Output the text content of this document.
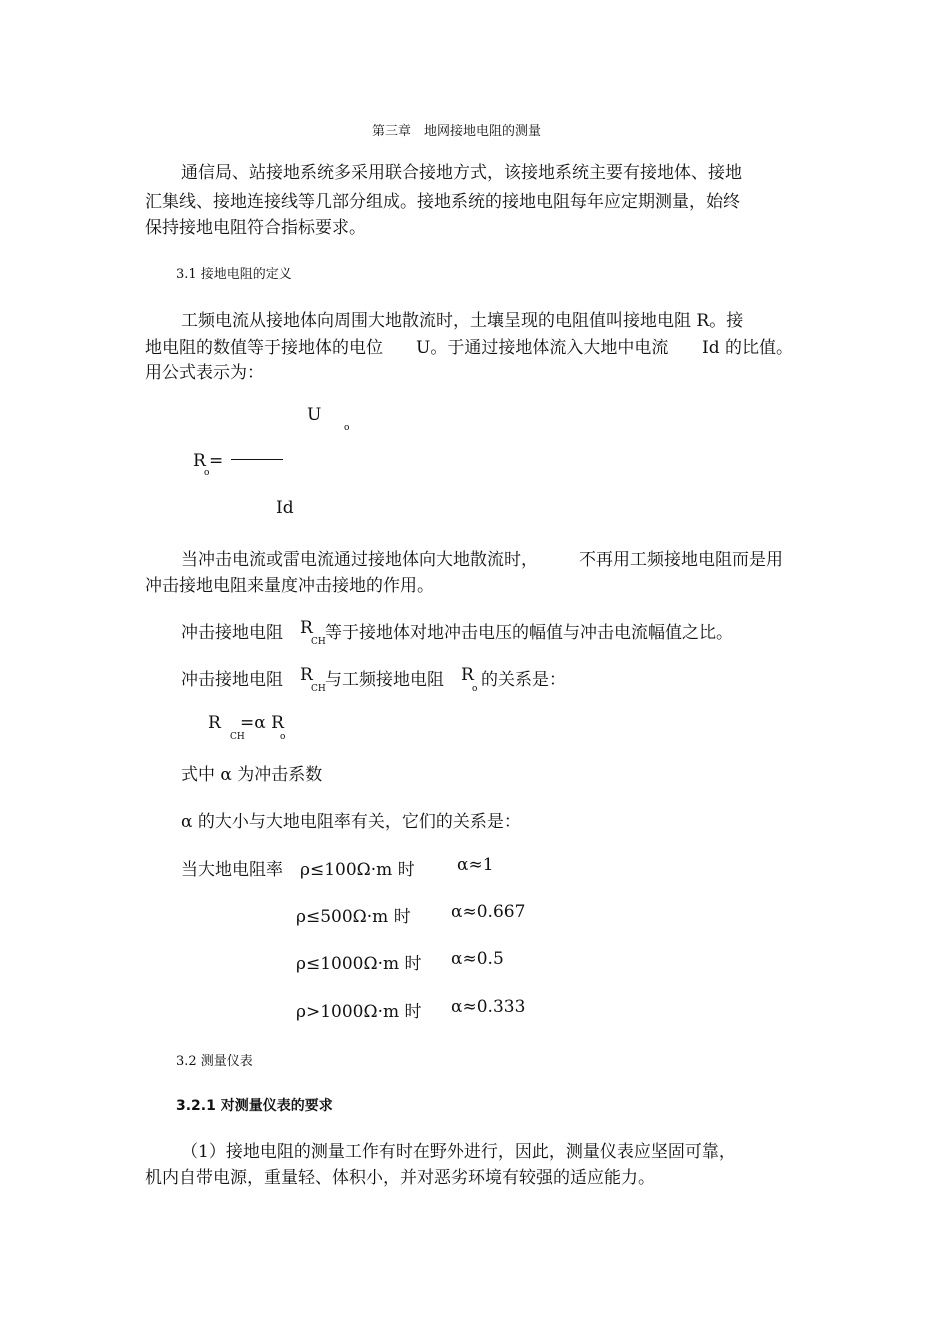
第三章　地网接地电阻的测量
通信局、站接地系统多采用联合接地方式，该接地系统主要有接地体、接地
汇集线、接地连接线等几部分组成。接地系统的接地电阻每年应定期测量，始终
保持接地电阻符合指标要求。
3.1 接地电阻的定义
工频电流从接地体向周围大地散流时，土壤呈现的电阻值叫接地电阻 R。接
地电阻的数值等于接地体的电位 U。于通过接地体流入大地中电流 Id 的比值。
用公式表示为：
U
o
R
o
=
Id
当冲击电流或雷电流通过接地体向大地散流时， 不再用工频接地电阻而是用
冲击接地电阻来量度冲击接地的作用。
冲击接地电阻 R
CH 等于接地体对地冲击电压的幅值与冲击电流幅值之比。
冲击接地电阻 R
CH 与工频接地电阻 R
o 的关系是：
R
CH
=α R
o
式中 α 为冲击系数
α 的大小与大地电阻率有关，它们的关系是：
当大地电阻率 ρ≤100Ω·m 时 α≈1
ρ≤500Ω·m 时 α≈0.667
ρ≤1000Ω·m 时 α≈0.5
ρ>1000Ω·m 时 α≈0.333
3.2 测量仪表
3.2.1 对测量仪表的要求
（1）接地电阻的测量工作有时在野外进行，因此，测量仪表应坚固可靠，
机内自带电源，重量轻、体积小，并对恶劣环境有较强的适应能力。
